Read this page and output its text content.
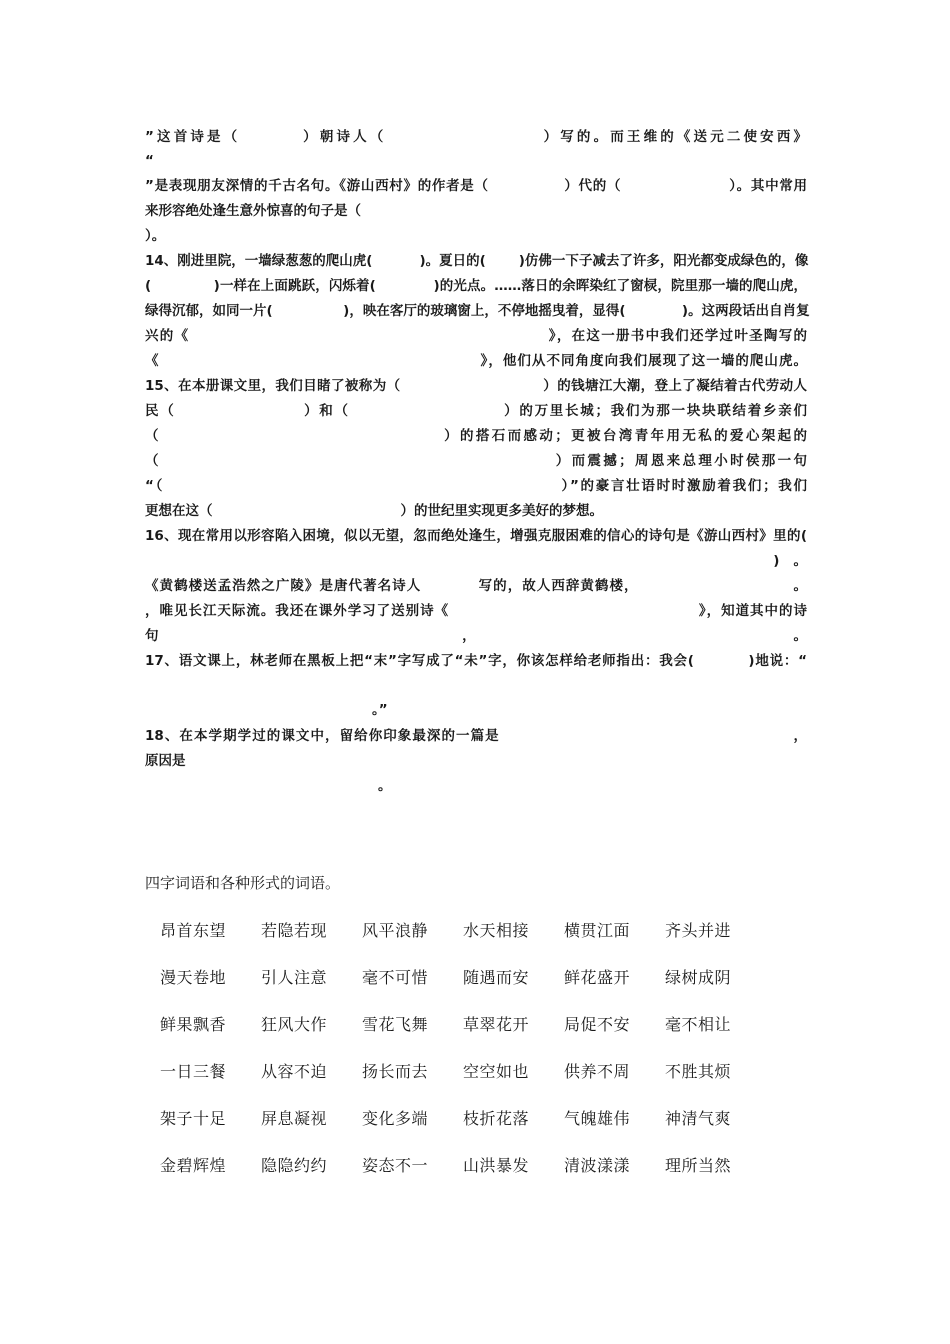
”这首诗是（        ）朝诗人（                    ）写的。而王维的《送元二使安西》
“
”是表现朋友深情的千古名句。《游山西村》的作者是（              ）代的（                    ）。其中常用
来形容绝处逢生意外惊喜的句子是（
）。
14、刚进里院，一墙绿葱葱的爬山虎(          )。夏日的(       )仿佛一下子减去了许多，阳光都变成绿色的，像
(             )一样在上面跳跃，闪烁着(            )的光点。……落日的余晖染红了窗棂，院里那一墙的爬山虎，
绿得沉郁，如同一片(               )，映在客厅的玻璃窗上，不停地摇曳着，显得(            )。这两段话出自肖复
兴的《                                                            》，在这一册书中我们还学过叶圣陶写的
《                                                        》，他们从不同角度向我们展现了这一墙的爬山虎。
15、在本册课文里，我们目睹了被称为（                            ）的钱塘江大潮，登上了凝结着古代劳动人
民（                    ）和（                        ）的万里长城；我们为那一块块联结着乡亲们
（                                        ）的搭石而感动；更被台湾青年用无私的爱心架起的
（                                                        ）而震撼；周恩来总理小时侯那一句
“（                                                              ）”的豪言壮语时时激励着我们；我们
更想在这（                                        ）的世纪里实现更多美好的梦想。
16、现在常用以形容陷入困境，似以无望，忽而绝处逢生，增强克服困难的信心的诗句是《游山西村》里的(
)   。
《黄鹤楼送孟浩然之广陵》是唐代著名诗人          写的，故人西辞黄鹤楼，                           。
，唯见长江天际流。我还在课外学习了送别诗《                                            》，知道其中的诗
句                                          ，                                            。
17、语文课上，林老师在黑板上把“末”字写成了“未”字，你该怎样给老师指出：我会(          )地说：“
。”
18、在本学期学过的课文中，留给你印象最深的一篇是                                                   ，
原因是
。
四字词语和各种形式的词语。
昂首东望	若隐若现	风平浪静	水天相接	横贯江面	齐头并进
漫天卷地	引人注意	毫不可惜	随遇而安	鲜花盛开	绿树成阴
鲜果飘香	狂风大作	雪花飞舞	草翠花开	局促不安	毫不相让
一日三餐	从容不迫	扬长而去	空空如也	供养不周	不胜其烦
架子十足	屏息凝视	变化多端	枝折花落	气魄雄伟	神清气爽
金碧辉煌	隐隐约约	姿态不一	山洪暴发	清波漾漾	理所当然
